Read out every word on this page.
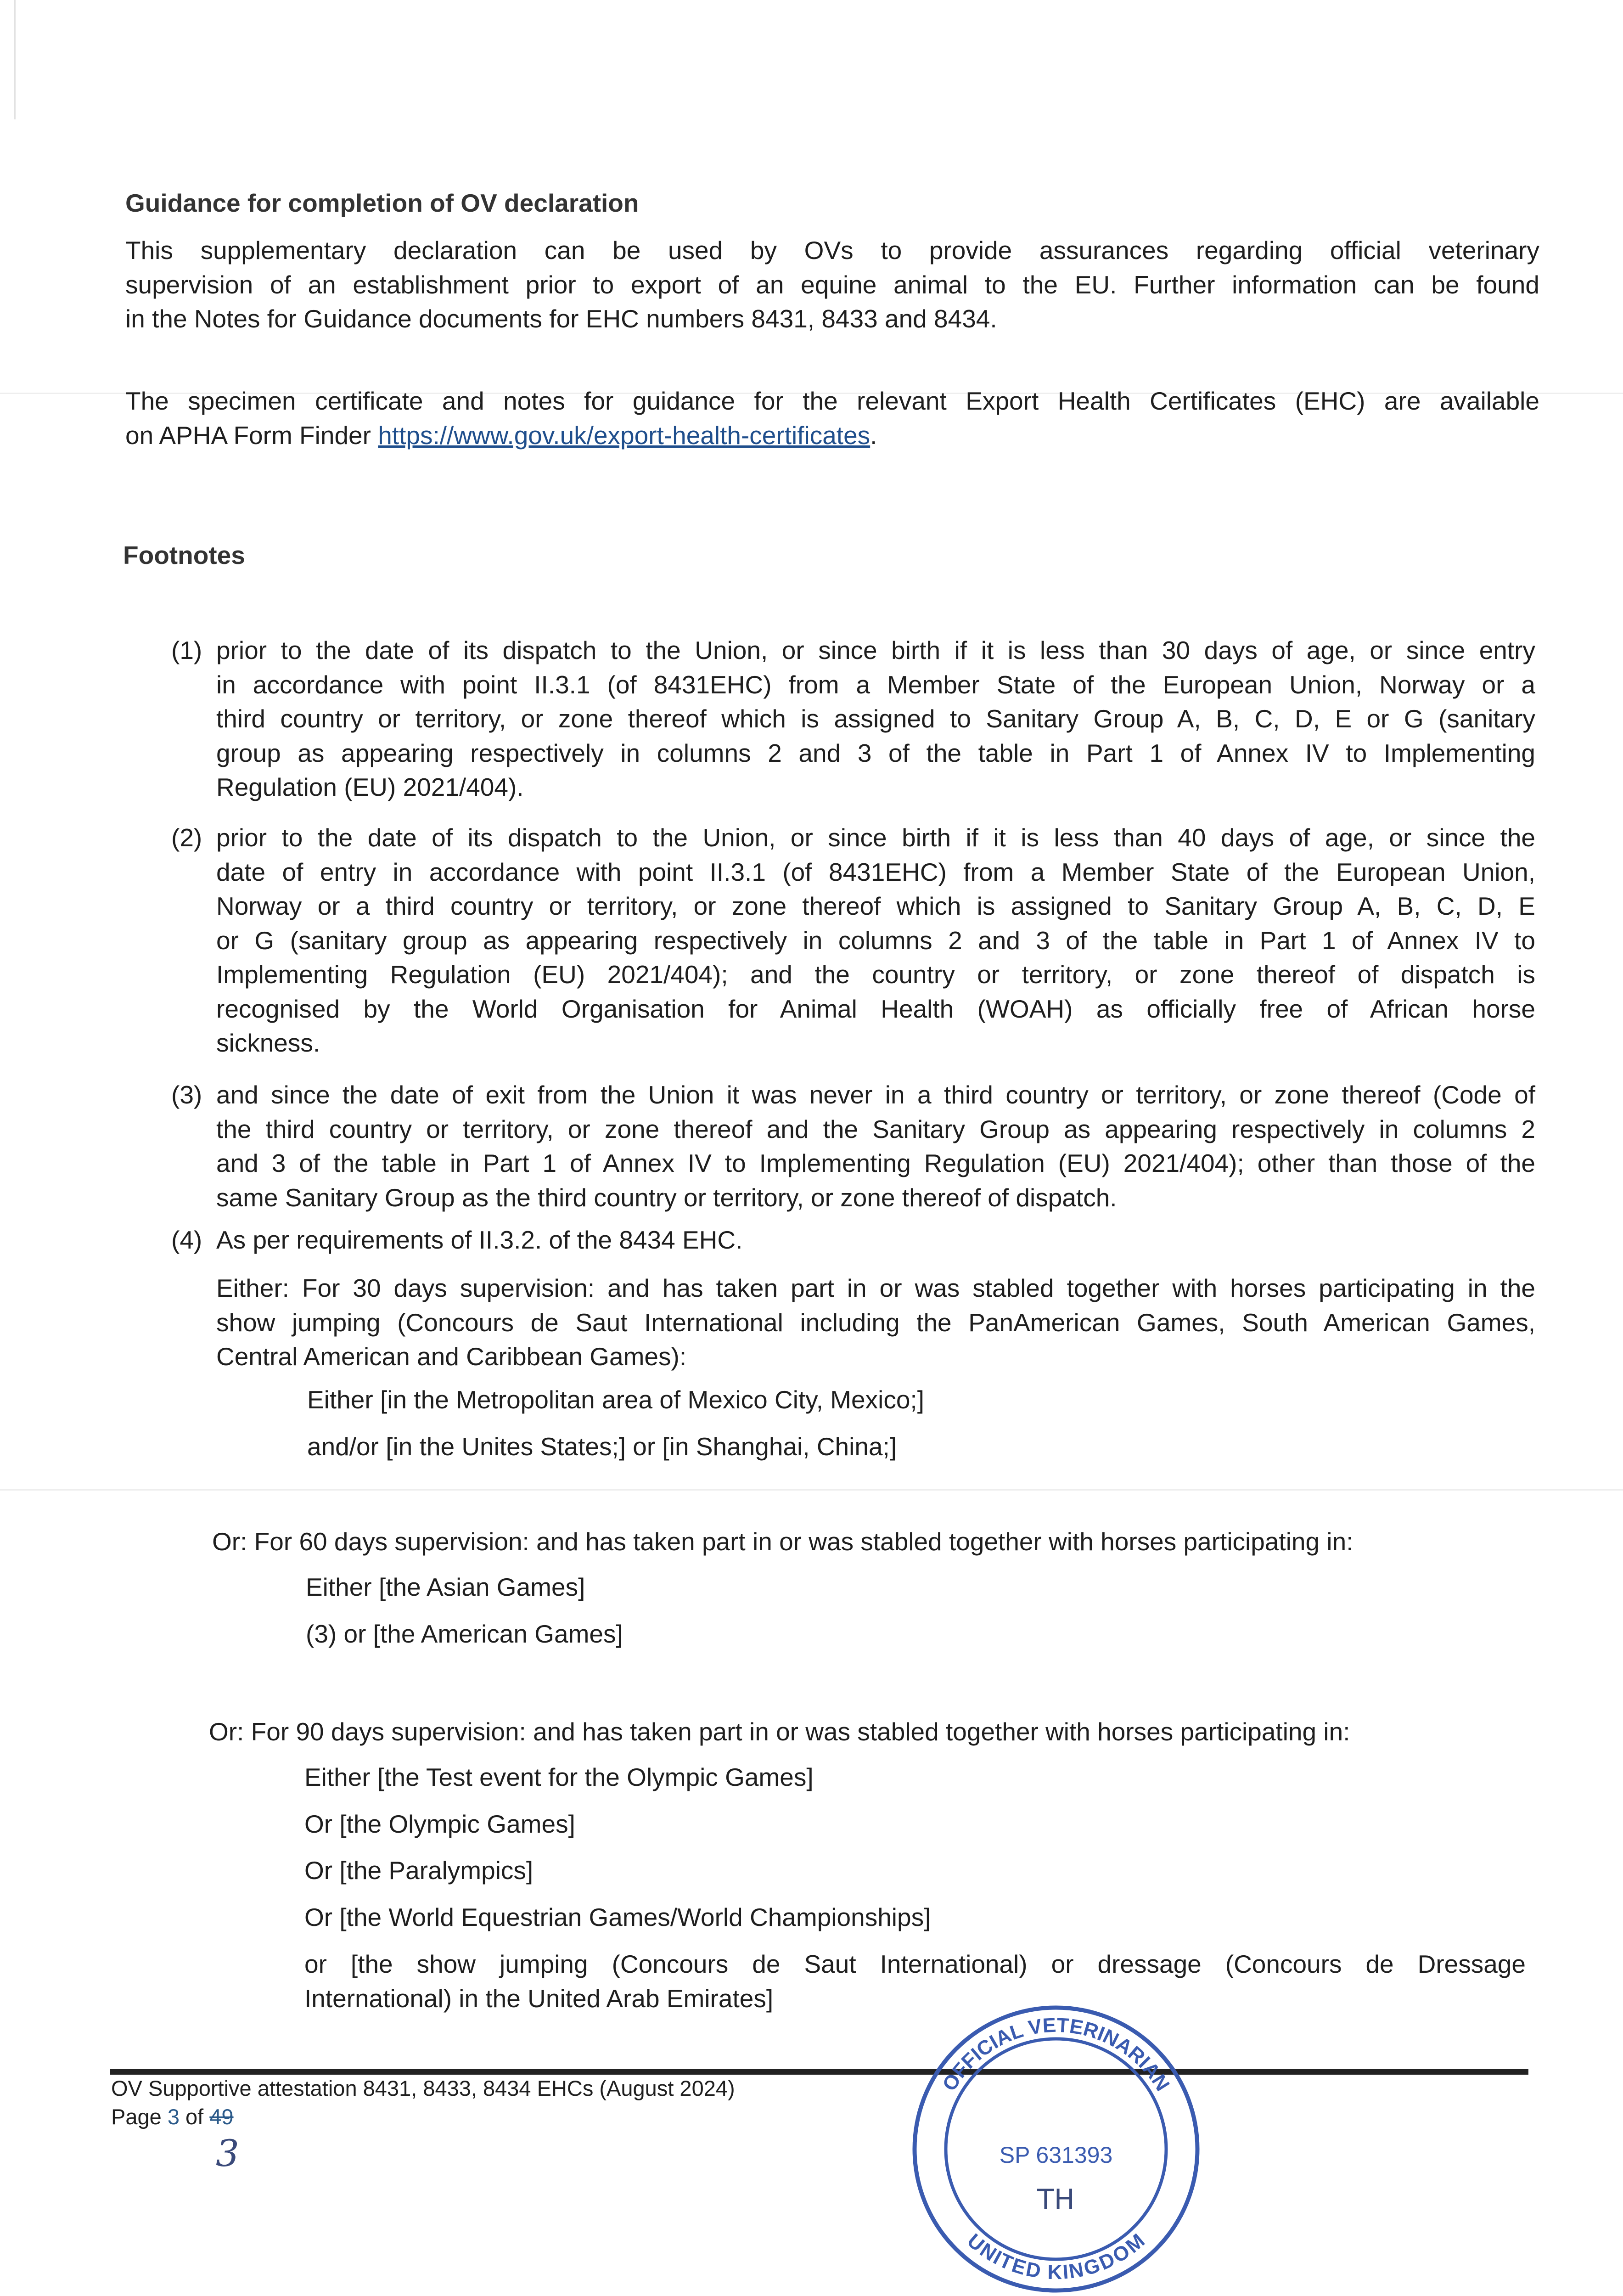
Guidance for completion of OV declaration
This supplementary declaration can be used by OVs to provide assurances regarding official veterinary
supervision of an establishment prior to export of an equine animal to the EU. Further information can be found
in the Notes for Guidance documents for EHC numbers 8431, 8433 and 8434.
The specimen certificate and notes for guidance for the relevant Export Health Certificates (EHC) are available
on APHA Form Finder https://www.gov.uk/export-health-certificates.
Footnotes
(1) prior to the date of its dispatch to the Union, or since birth if it is less than 30 days of age, or since entry
in accordance with point II.3.1 (of 8431EHC) from a Member State of the European Union, Norway or a
third country or territory, or zone thereof which is assigned to Sanitary Group A, B, C, D, E or G (sanitary
group as appearing respectively in columns 2 and 3 of the table in Part 1 of Annex IV to Implementing
Regulation (EU) 2021/404).
(2) prior to the date of its dispatch to the Union, or since birth if it is less than 40 days of age, or since the
date of entry in accordance with point II.3.1 (of 8431EHC) from a Member State of the European Union,
Norway or a third country or territory, or zone thereof which is assigned to Sanitary Group A, B, C, D, E
or G (sanitary group as appearing respectively in columns 2 and 3 of the table in Part 1 of Annex IV to
Implementing Regulation (EU) 2021/404); and the country or territory, or zone thereof of dispatch is
recognised by the World Organisation for Animal Health (WOAH) as officially free of African horse
sickness.
(3) and since the date of exit from the Union it was never in a third country or territory, or zone thereof (Code of
the third country or territory, or zone thereof and the Sanitary Group as appearing respectively in columns 2
and 3 of the table in Part 1 of Annex IV to Implementing Regulation (EU) 2021/404); other than those of the
same Sanitary Group as the third country or territory, or zone thereof of dispatch.
(4) As per requirements of II.3.2. of the 8434 EHC.
Either: For 30 days supervision: and has taken part in or was stabled together with horses participating in the
show jumping (Concours de Saut International including the PanAmerican Games, South American Games,
Central American and Caribbean Games):
Either [in the Metropolitan area of Mexico City, Mexico;]
and/or [in the Unites States;] or [in Shanghai, China;]
Or: For 60 days supervision: and has taken part in or was stabled together with horses participating in:
Either [the Asian Games]
(3) or [the American Games]
Or: For 90 days supervision: and has taken part in or was stabled together with horses participating in:
Either [the Test event for the Olympic Games]
Or [the Olympic Games]
Or [the Paralympics]
Or [the World Equestrian Games/World Championships]
or [the show jumping (Concours de Saut International) or dressage (Concours de Dressage
International) in the United Arab Emirates]
OV Supportive attestation 8431, 8433, 8434 EHCs (August 2024)
Page 3 of 49
3
OFFICIAL VETERINARIAN
UNITED KINGDOM
SP 631393
TH
